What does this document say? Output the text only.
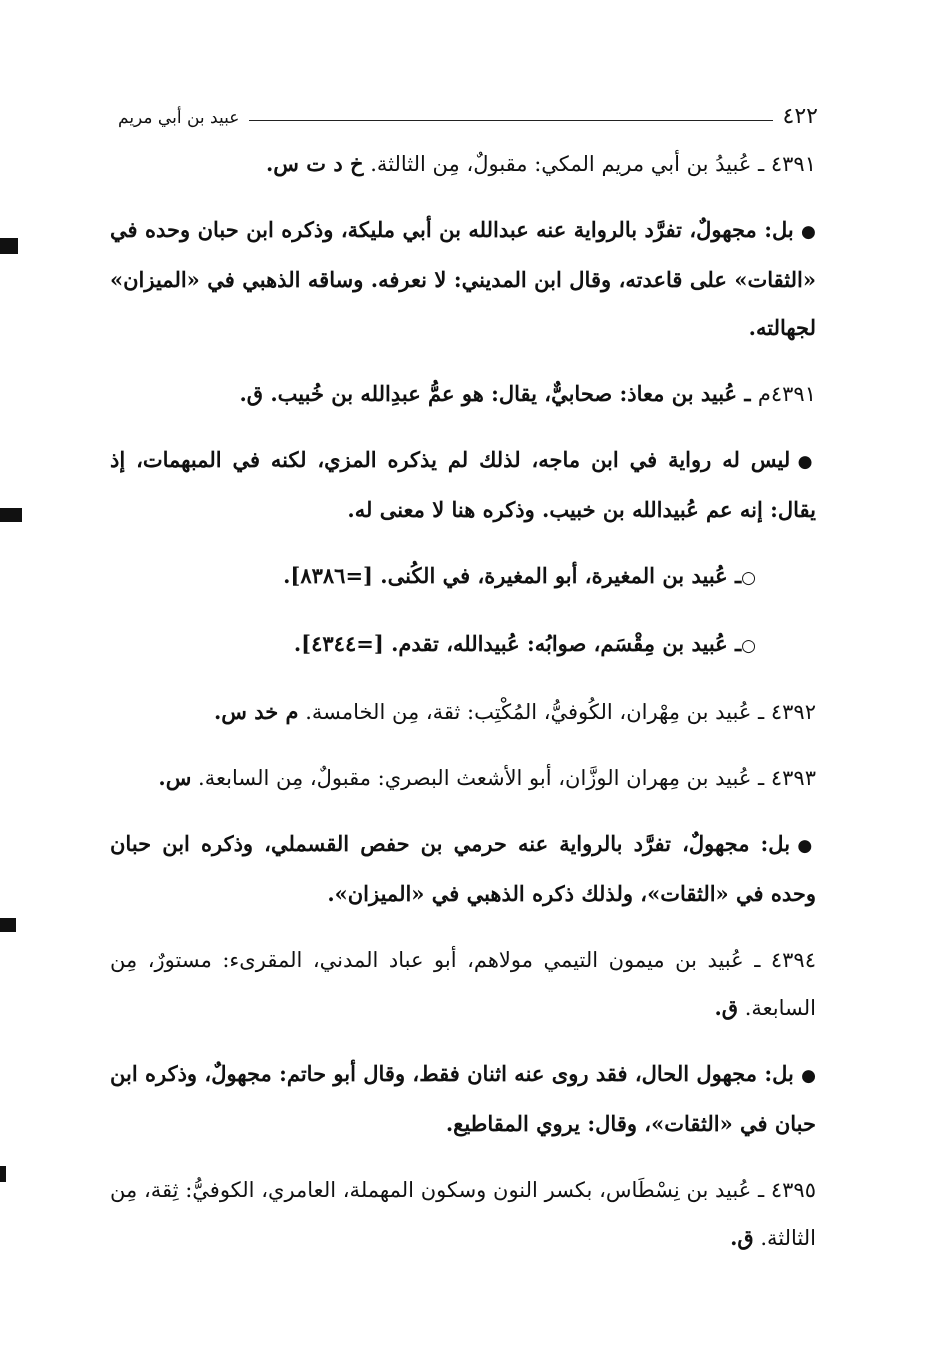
٤٢٢
عبيد بن أبي مريم

٤٣٩١ ـ عُبيدُ بن أبي مريم المكي: مقبولٌ، مِن الثالثة. خ د ت س.

● بل: مجهولٌ، تفرَّد بالرواية عنه عبدالله بن أبي مليكة، وذكره ابن حبان وحده في «الثقات» على قاعدته، وقال ابن المديني: لا نعرفه. وساقه الذهبي في «الميزان» لجهالته.

٤٣٩١م ـ عُبيد بن معاذ: صحابيٌّ، يقال: هو عمُّ عبدِالله بن خُبيب. ق.

● ليس له رواية في ابن ماجه، لذلك لم يذكره المزي، لكنه في المبهمات، إذ يقال: إنه عم عُبيدالله بن خبيب. وذكره هنا لا معنى له.

○ـ عُبيد بن المغيرة، أبو المغيرة، في الكُنى. [=٨٣٨٦].

○ـ عُبيد بن مِقْسَم، صوابُه: عُبيدالله، تقدم. [=٤٣٤٤].

٤٣٩٢ ـ عُبيد بن مِهْران، الكُوفيُّ، المُكْتِب: ثقة، مِن الخامسة. م خد س.

٤٣٩٣ ـ عُبيد بن مِهران الوزَّان، أبو الأشعث البصري: مقبولٌ، مِن السابعة. س.

● بل: مجهولٌ، تفرَّد بالرواية عنه حرمي بن حفص القسملي، وذكره ابن حبان وحده في «الثقات»، ولذلك ذكره الذهبي في «الميزان».

٤٣٩٤ ـ عُبيد بن ميمون التيمي مولاهم، أبو عباد المدني، المقرىء: مستورٌ، مِن السابعة. ق.

● بل: مجهول الحال، فقد روى عنه اثنان فقط، وقال أبو حاتم: مجهولٌ، وذكره ابن حبان في «الثقات»، وقال: يروي المقاطيع.

٤٣٩٥ ـ عُبيد بن نِسْطَاس، بكسر النون وسكون المهملة، العامري، الكوفيُّ: ثِقة، مِن الثالثة. ق.
